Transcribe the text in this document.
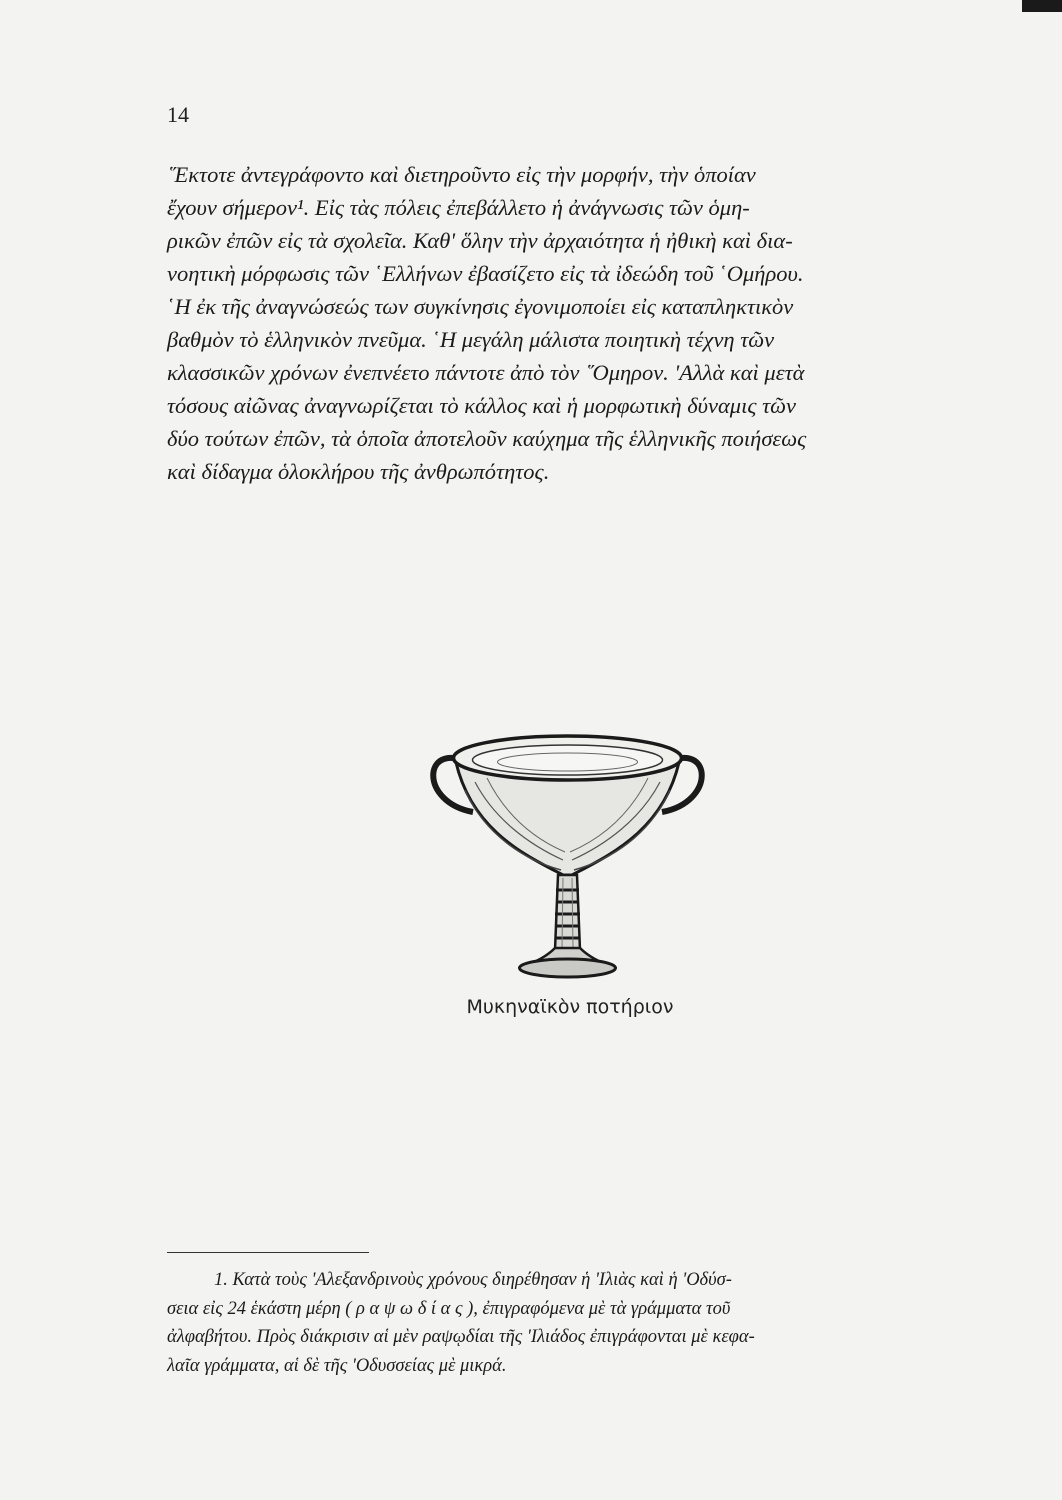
14

῞Εκτοτε ἀντεγράφοντο καὶ διετηροῦντο εἰς τὴν μορφήν, τὴν ὁποίαν
ἔχουν σήμερον¹. Εἰς τὰς πόλεις ἐπεβάλλετο ἡ ἀνάγνωσις τῶν ὁμη-
ρικῶν ἐπῶν εἰς τὰ σχολεῖα. Καθ' ὅλην τὴν ἀρχαιότητα ἡ ἠθικὴ καὶ δια-
νοητικὴ μόρφωσις τῶν ῾Ελλήνων ἐβασίζετο εἰς τὰ ἰδεώδη τοῦ ῾Ομήρου.
῾Η ἐκ τῆς ἀναγνώσεώς των συγκίνησις ἐγονιμοποίει εἰς καταπληκτικὸν
βαθμὸν τὸ ἑλληνικὸν πνεῦμα. ῾Η μεγάλη μάλιστα ποιητικὴ τέχνη τῶν
κλασσικῶν χρόνων ἐνεπνέετο πάντοτε ἀπὸ τὸν ῞Ομηρον. 'Αλλὰ καὶ μετὰ
τόσους αἰῶνας ἀναγνωρίζεται τὸ κάλλος καὶ ἡ μορφωτικὴ δύναμις τῶν
δύο τούτων ἐπῶν, τὰ ὁποῖα ἀποτελοῦν καύχημα τῆς ἑλληνικῆς ποιήσεως
καὶ δίδαγμα ὁλοκλήρου τῆς ἀνθρωπότητος.

Μυκηναϊκὸν ποτήριον

1. Κατὰ τοὺς 'Αλεξανδρινοὺς χρόνους διηρέθησαν ἡ 'Ιλιὰς καὶ ἡ 'Οδύσ-
σεια εἰς 24 ἑκάστη μέρη ( ρ α ψ ω δ ί α ς ), ἐπιγραφόμενα μὲ τὰ γράμματα τοῦ
ἀλφαβήτου. Πρὸς διάκρισιν αἱ μὲν ραψῳδίαι τῆς 'Ιλιάδος ἐπιγράφονται μὲ κεφα-
λαῖα γράμματα, αἱ δὲ τῆς 'Οδυσσείας μὲ μικρά.
